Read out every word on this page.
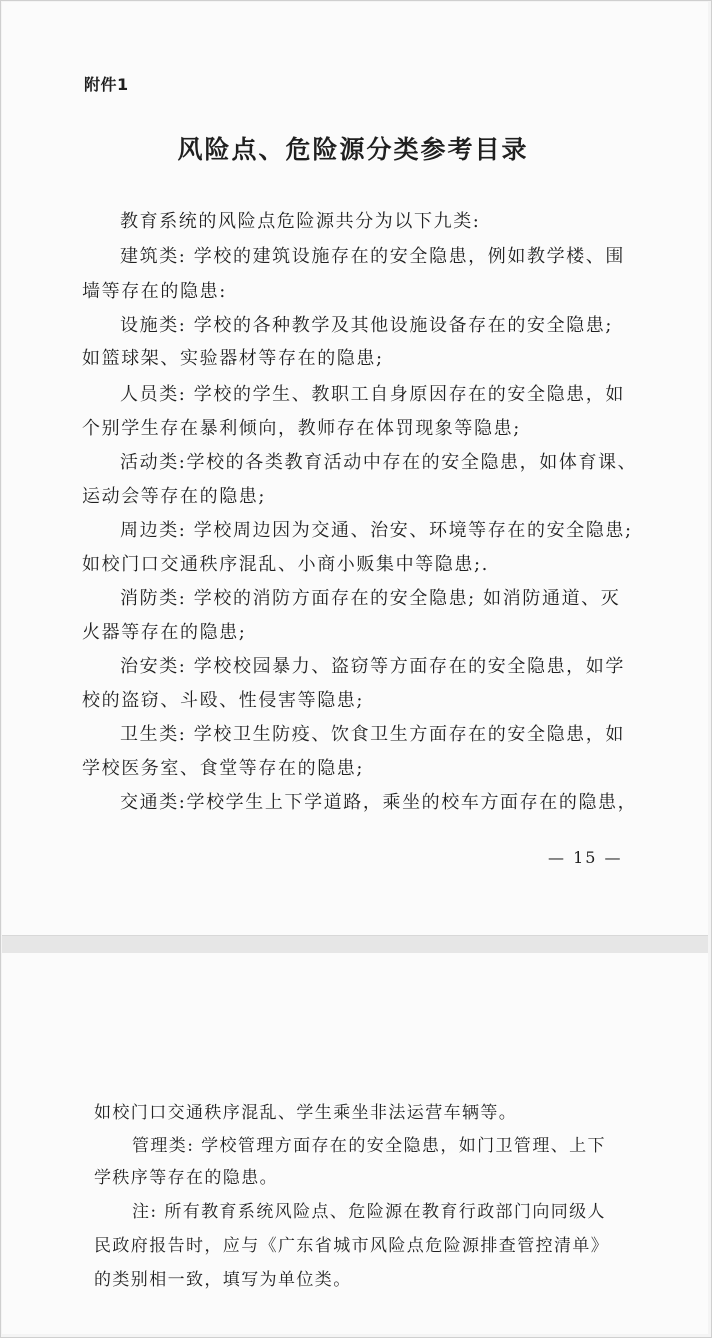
附件1
风险点、危险源分类参考目录
教育系统的风险点危险源共分为以下九类:
建筑类: 学校的建筑设施存在的安全隐患，例如教学楼、围
墙等存在的隐患:
设施类: 学校的各种教学及其他设施设备存在的安全隐患;
如篮球架、实验器材等存在的隐患;
人员类: 学校的学生、教职工自身原因存在的安全隐患，如
个别学生存在暴利倾向，教师存在体罚现象等隐患;
活动类:学校的各类教育活动中存在的安全隐患，如体育课、
运动会等存在的隐患;
周边类: 学校周边因为交通、治安、环境等存在的安全隐患;
如校门口交通秩序混乱、小商小贩集中等隐患;.
消防类: 学校的消防方面存在的安全隐患; 如消防通道、灭
火器等存在的隐患;
治安类: 学校校园暴力、盗窃等方面存在的安全隐患，如学
校的盗窃、斗殴、性侵害等隐患;
卫生类: 学校卫生防疫、饮食卫生方面存在的安全隐患，如
学校医务室、食堂等存在的隐患;
交通类:学校学生上下学道路，乘坐的校车方面存在的隐患，
— 15 —
如校门口交通秩序混乱、学生乘坐非法运营车辆等。
管理类: 学校管理方面存在的安全隐患，如门卫管理、上下
学秩序等存在的隐患。
注: 所有教育系统风险点、危险源在教育行政部门向同级人
民政府报告时，应与《广东省城市风险点危险源排查管控清单》
的类别相一致，填写为单位类。
